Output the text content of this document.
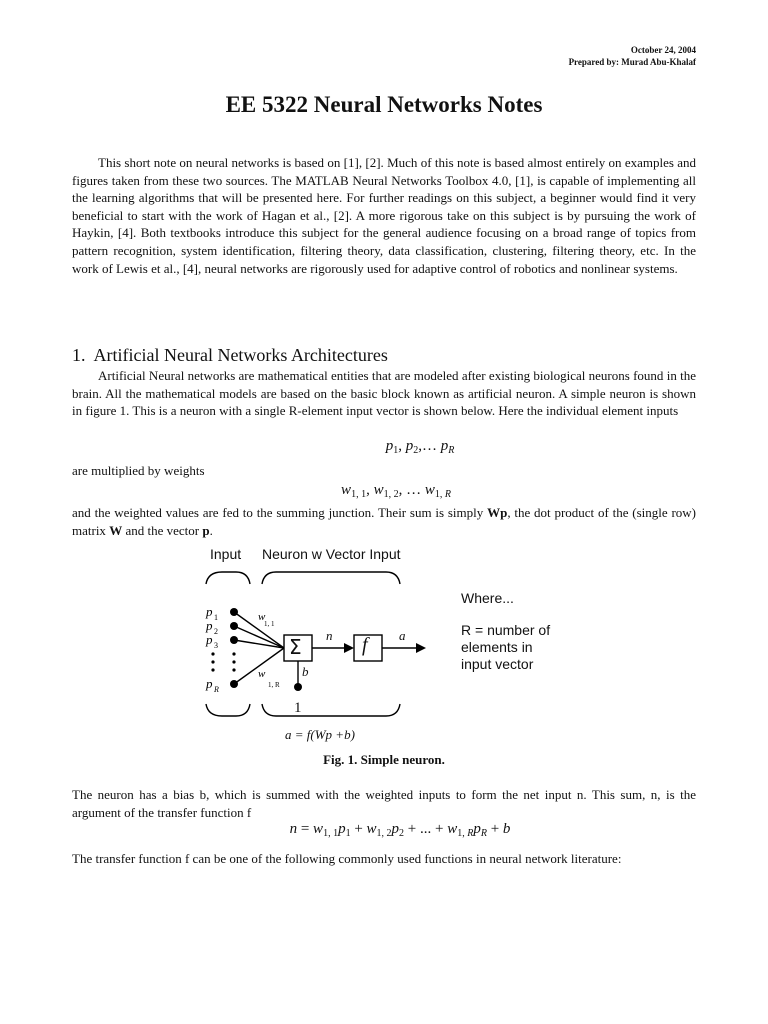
October 24, 2004
Prepared by: Murad Abu-Khalaf
EE 5322 Neural Networks Notes

This short note on neural networks is based on [1], [2]. Much of this note is based almost entirely on examples and figures taken from these two sources. The MATLAB Neural Networks Toolbox 4.0, [1], is capable of implementing all the learning algorithms that will be presented here. For further readings on this subject, a beginner would find it very beneficial to start with the work of Hagan et al., [2]. A more rigorous take on this subject is by pursuing the work of Haykin, [4]. Both textbooks introduce this subject for the general audience focusing on a broad range of topics from pattern recognition, system identification, filtering theory, data classification, clustering, filtering theory, etc. In the work of Lewis et al., [4], neural networks are rigorously used for adaptive control of robotics and nonlinear systems.

1. Artificial Neural Networks Architectures

Artificial Neural networks are mathematical entities that are modeled after existing biological neurons found in the brain. All the mathematical models are based on the basic block known as artificial neuron. A simple neuron is shown in figure 1. This is a neuron with a single R-element input vector is shown below. Here the individual element inputs

$p_1$, $p_2,\dots$ $p_R$

are multiplied by weights

$w_{1, 1}$, $w_{1, 2}$, … $w_{1, R}$

and the weighted values are fed to the summing junction. Their sum is simply Wp, the dot product of the (single row) matrix W and the vector p.

p 1
p 2
p 3
p R
w
1, 1
w
1, R
Input Neuron w Vector Input
Σ	f
n	a
b
1
Where...
R = number of
elements in
input vector
a = f(Wp +b)
Fig. 1. Simple neuron.

The neuron has a bias b, which is summed with the weighted inputs to form the net input n. This sum, n, is the argument of the transfer function f

$n = w_{1, 1}p_1 + w_{1, 2}p_2$ + ... + $w_{1, R}p_R + b$

The transfer function f can be one of the following commonly used functions in neural network literature:
